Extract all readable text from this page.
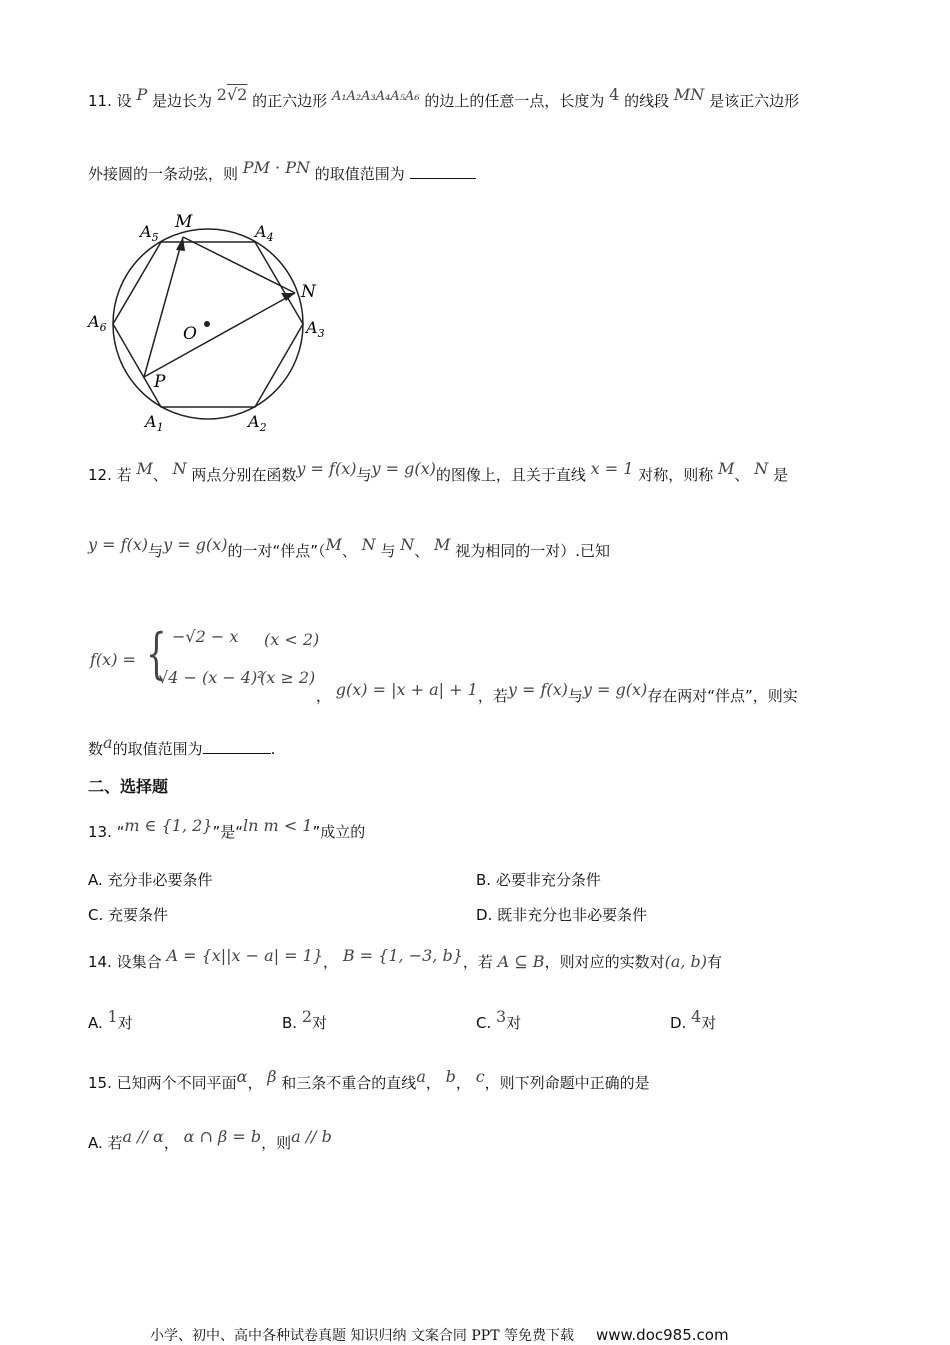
11. 设 P 是边长为 2√2 的正六边形 A₁A₂A₃A₄A₅A₆ 的边上的任意一点，长度为 4 的线段 MN 是该正六边形
外接圆的一条动弦，则 PM · PN 的取值范围为
$A_5$
M	$A_4$
N
$A_6$	O	$A_3$
P
$A_1$	$A_2$
12. 若 M、 N 两点分别在函数y = f(x)与y = g(x)的图像上，且关于直线 x = 1 对称，则称 M、 N 是
y = f(x)与y = g(x)的一对“伴点”（M、 N 与 N、 M 视为相同的一对）.已知
f(x) = { −√2 − x (x < 2)
√4 − (x − 4)²
(x ≥ 2)
， g(x) = |x + a| + 1，若y = f(x)与y = g(x)存在两对“伴点”，则实
数a的取值范围为	.
二、选择题
13. “m ∈ {1, 2}”是“ln m < 1”成立的
A. 充分非必要条件	B. 必要非充分条件
C. 充要条件	D. 既非充分也非必要条件
14. 设集合 A = {x||x − a| = 1}， B = {1, −3, b}，若 A ⊆ B，则对应的实数对(a, b)有
A. 1对	B. 2对	C. 3对	D. 4对
15. 已知两个不同平面α， β 和三条不重合的直线a， b， c，则下列命题中正确的是
A. 若a // α， α ∩ β = b，则a // b
小学、初中、高中各种试卷真题 知识归纳 文案合同 PPT 等免费下载 www.doc985.com
